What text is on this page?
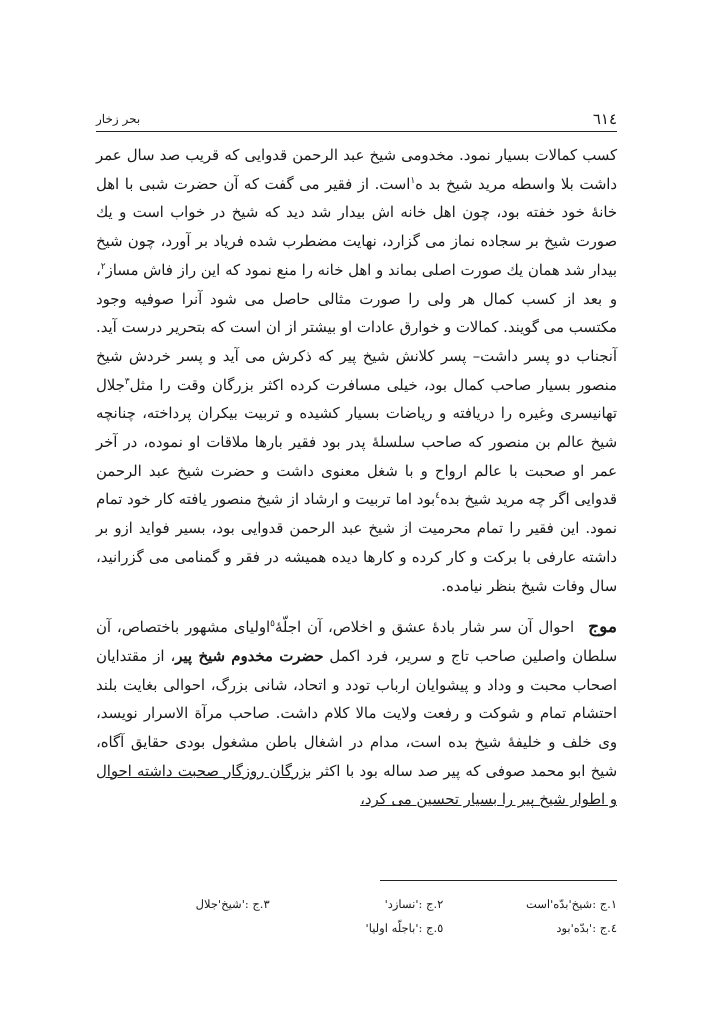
بحر زخار	٦١٤

کسب کمالات بسیار نمود. مخدومی شیخ عبد الرحمن قدوایی که قریب صد سال عمر داشت بلا واسطه مرید شیخ بد ه$^١$است. از فقیر می گفت که آن حضرت شبی با اهل خانهٔ خود خفته بود، چون اهل خانه اش بیدار شد دید که شیخ در خواب است و یك صورت شیخ بر سجاده نماز می گزارد، نهایت مضطرب شده فریاد بر آورد، چون شیخ بیدار شد همان یك صورت اصلی بماند و اهل خانه را منع نمود که این راز فاش مساز$^٢$، و بعد از کسب کمال هر ولی را صورت مثالی حاصل می شود آنرا صوفیه وجود مکتسب می گویند. کمالات و خوارق عادات او بیشتر از ان است که بتحریر درست آید. آنجناب دو پسر داشت– پسر کلانش شیخ پیر که ذکرش می آید و پسر خردش شیخ منصور بسیار صاحب کمال بود، خیلی مسافرت کرده اکثر بزرگان وقت را مثل$^٣$جلال تهانیسری وغیره را دریافته و ریاضات بسیار کشیده و تربیت بیکران پرداخته، چنانچه شیخ عالم بن منصور که صاحب سلسلهٔ پدر بود فقیر بارها ملاقات او نموده، در آخر عمر او صحبت با عالم ارواح و با شغل معنوی داشت و حضرت شیخ عبد الرحمن قدوایی اگر چه مرید شیخ بده$^٤$بود اما تربیت و ارشاد از شیخ منصور یافته کار خود تمام نمود. این فقیر را تمام محرمیت از شیخ عبد الرحمن قدوایی بود، بسیر فواید ازو بر داشته عارفی با برکت و کار کرده و کارها دیده همیشه در فقر و گمنامی می گزرانید، سال وفات شیخ بنظر نیامده.

موج احوال آن سر شار بادهٔ عشق و اخلاص، آن اجلّهٔ$^٥$اولیای مشهور باختصاص، آن سلطان واصلین صاحب تاج و سریر، فرد اکمل حضرت مخدوم شیخ پیر، از مقتدایان اصحاب محبت و وداد و پیشوایان ارباب تودد و اتحاد، شانی بزرگ، احوالی بغایت بلند احتشام تمام و شوکت و رفعت ولایت مالا کلام داشت. صاحب مرآة الاسرار نویسد، وی خلف و خلیفهٔ شیخ بده است، مدام در اشغال باطن مشغول بودی حقایق آگاه، شیخ ابو محمد صوفی که پیر صد ساله بود با اکثر بزرگان روزگار صحبت داشته احوال و اطوار شیخ پیر را بسیار تحسین می کرد،

١.ج :شیخ'بدّه'است
٢.ج :'نسازد'
٣.ج :'شیخ'جلال
٤.ج :'بدّه'بود
٥.ج :'باجلّه اولیا'
